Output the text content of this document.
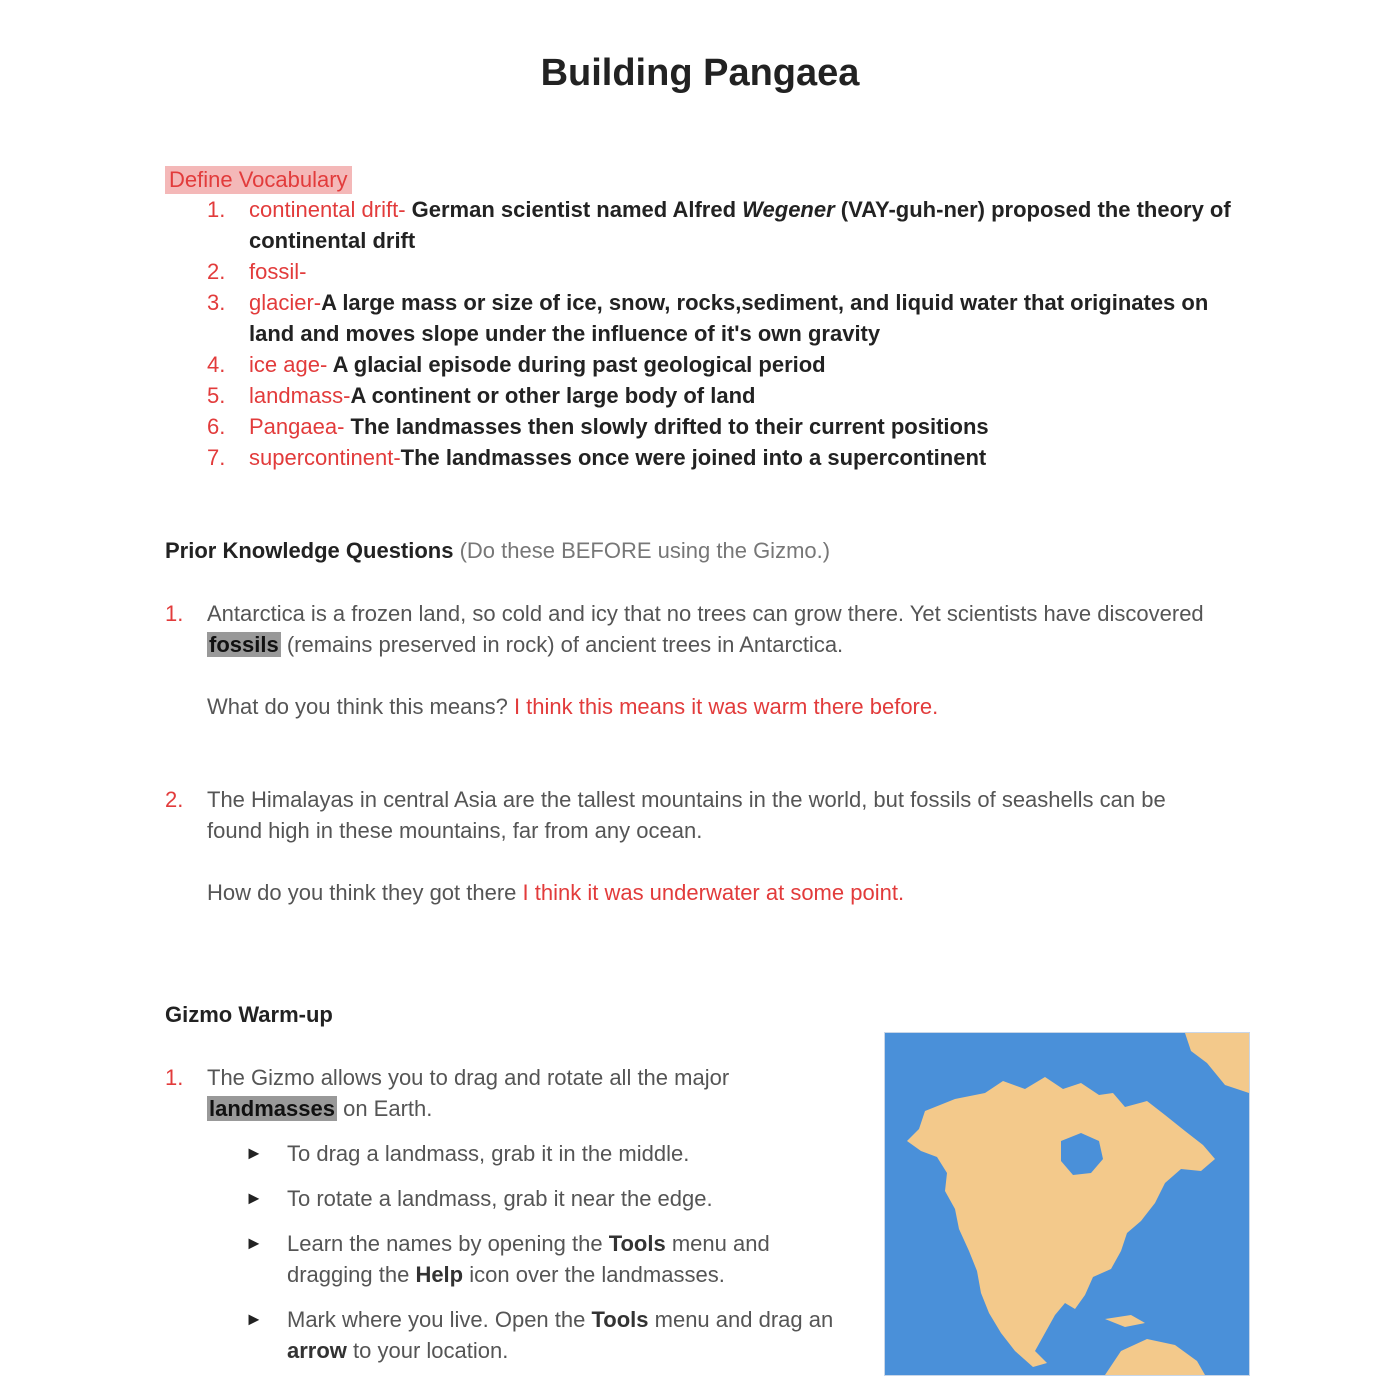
Building Pangaea
Define Vocabulary
1. continental drift- German scientist named Alfred Wegener (VAY-guh-ner) proposed the theory of continental drift
2. fossil-
3. glacier-A large mass or size of ice, snow, rocks,sediment, and liquid water that originates on land and moves slope under the influence of it's own gravity
4. ice age- A glacial episode during past geological period
5. landmass-A continent or other large body of land
6. Pangaea- The landmasses then slowly drifted to their current positions
7. supercontinent-The landmasses once were joined into a supercontinent
Prior Knowledge Questions (Do these BEFORE using the Gizmo.)
1. Antarctica is a frozen land, so cold and icy that no trees can grow there. Yet scientists have discovered fossils (remains preserved in rock) of ancient trees in Antarctica.
What do you think this means? I think this means it was warm there before.
2. The Himalayas in central Asia are the tallest mountains in the world, but fossils of seashells can be found high in these mountains, far from any ocean.
How do you think they got there I think it was underwater at some point.
Gizmo Warm-up
1. The Gizmo allows you to drag and rotate all the major landmasses on Earth.
► To drag a landmass, grab it in the middle.
► To rotate a landmass, grab it near the edge.
► Learn the names by opening the Tools menu and dragging the Help icon over the landmasses.
► Mark where you live. Open the Tools menu and drag an arrow to your location.
